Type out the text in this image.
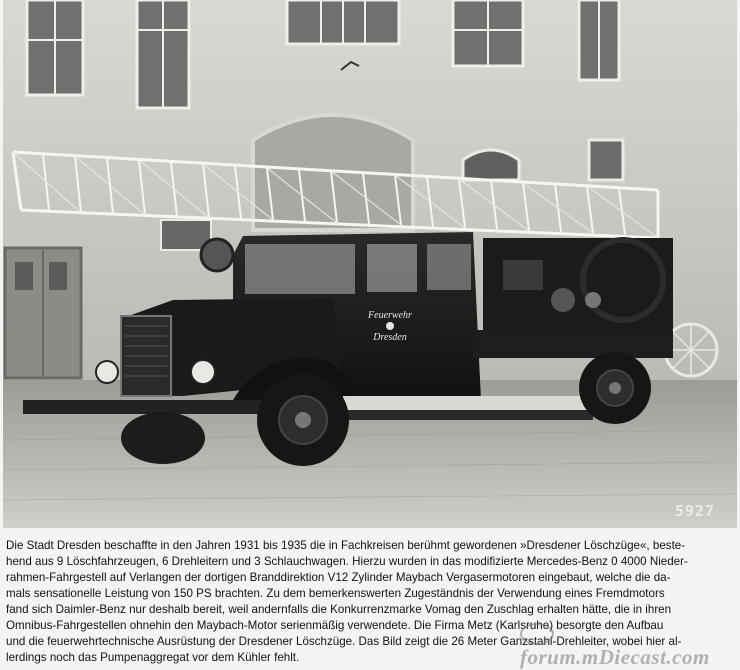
Feuerwehr
Dresden
5927

Die Stadt Dresden beschaffte in den Jahren 1931 bis 1935 die in Fachkreisen berühmt gewordenen »Dresdener Löschzüge«, beste-

hend aus 9 Löschfahrzeugen, 6 Drehleitern und 3 Schlauchwagen. Hierzu wurden in das modifizierte Mercedes-Benz 0 4000 Nieder-

rahmen-Fahrgestell auf Verlangen der dortigen Branddirektion V12 Zylinder Maybach Vergasermotoren eingebaut, welche die da-

mals sensationelle Leistung von 150 PS brachten. Zu dem bemerkenswerten Zugeständnis der Verwendung eines Fremdmotors

fand sich Daimler-Benz nur deshalb bereit, weil andernfalls die Konkurrenzmarke Vomag den Zuschlag erhalten hätte, die in ihren

Omnibus-Fahrgestellen ohnehin den Maybach-Motor serienmäßig verwendete. Die Firma Metz (Karlsruhe) besorgte den Aufbau

und die feuerwehrtechnische Ausrüstung der Dresdener Löschzüge. Das Bild zeigt die 26 Meter Ganzstahl-Drehleiter, wobei hier al-

lerdings noch das Pumpenaggregat vor dem Kühler fehlt.	forum.mDiecast.com
